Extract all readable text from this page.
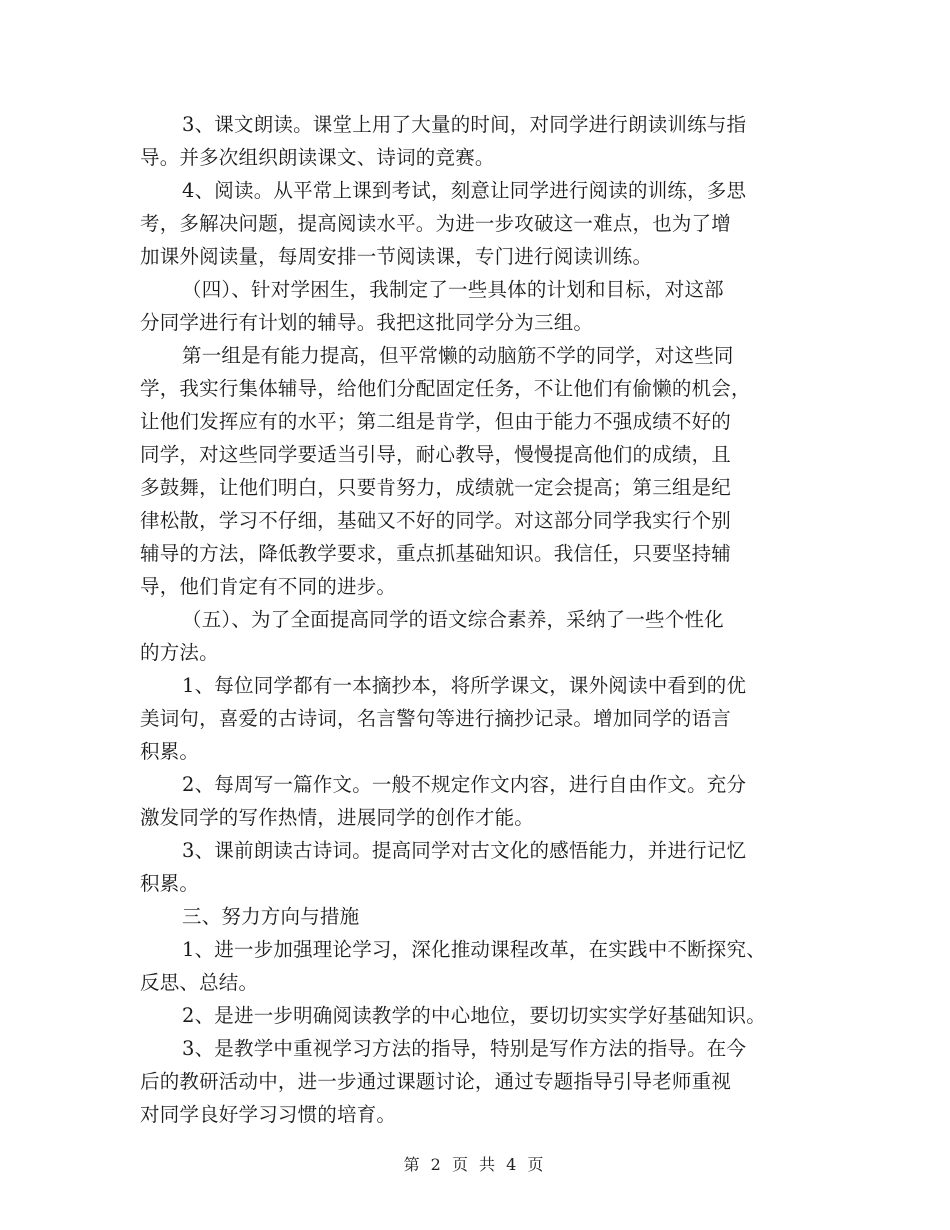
3、课文朗读。课堂上用了大量的时间，对同学进行朗读训练与指
导。并多次组织朗读课文、诗词的竞赛。
4、阅读。从平常上课到考试，刻意让同学进行阅读的训练，多思
考，多解决问题，提高阅读水平。为进一步攻破这一难点，也为了增
加课外阅读量，每周安排一节阅读课，专门进行阅读训练。
（四）、针对学困生，我制定了一些具体的计划和目标，对这部
分同学进行有计划的辅导。我把这批同学分为三组。
第一组是有能力提高，但平常懒的动脑筋不学的同学，对这些同
学，我实行集体辅导，给他们分配固定任务，不让他们有偷懒的机会，
让他们发挥应有的水平；第二组是肯学，但由于能力不强成绩不好的
同学，对这些同学要适当引导，耐心教导，慢慢提高他们的成绩，且
多鼓舞，让他们明白，只要肯努力，成绩就一定会提高；第三组是纪
律松散，学习不仔细，基础又不好的同学。对这部分同学我实行个别
辅导的方法，降低教学要求，重点抓基础知识。我信任，只要坚持辅
导，他们肯定有不同的进步。
（五）、为了全面提高同学的语文综合素养，采纳了一些个性化
的方法。
1、每位同学都有一本摘抄本，将所学课文，课外阅读中看到的优
美词句，喜爱的古诗词，名言警句等进行摘抄记录。增加同学的语言
积累。
2、每周写一篇作文。一般不规定作文内容，进行自由作文。充分
激发同学的写作热情，进展同学的创作才能。
3、课前朗读古诗词。提高同学对古文化的感悟能力，并进行记忆
积累。
三、努力方向与措施
1、进一步加强理论学习，深化推动课程改革，在实践中不断探究、
反思、总结。
2、是进一步明确阅读教学的中心地位，要切切实实学好基础知识。
3、是教学中重视学习方法的指导，特别是写作方法的指导。在今
后的教研活动中，进一步通过课题讨论，通过专题指导引导老师重视
对同学良好学习习惯的培育。
第 2 页 共 4 页
